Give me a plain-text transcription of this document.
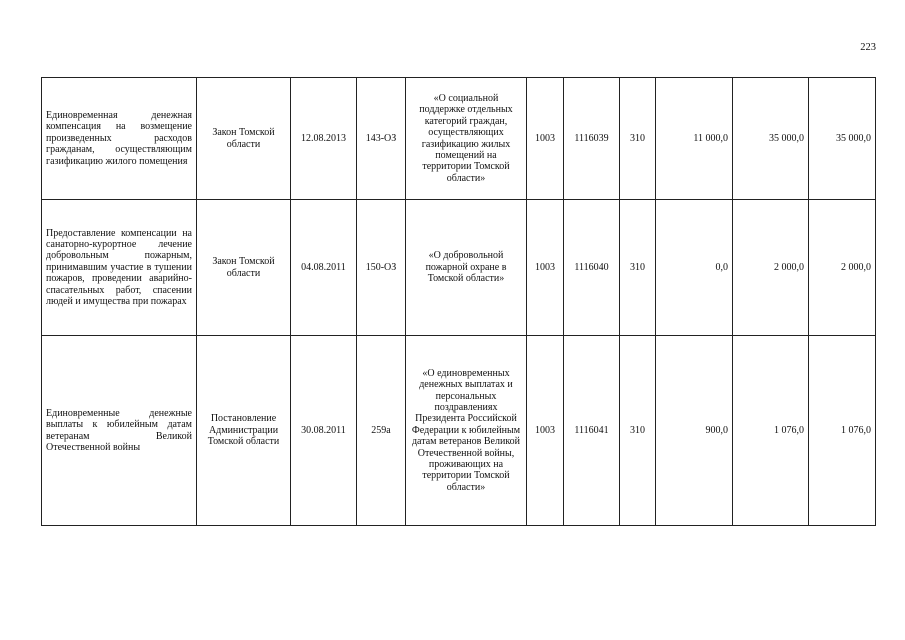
223
Единовременная денежная компенсация на возмещение произведенных расходов гражданам, осуществляющим газификацию жилого помещения	Закон Томской области	12.08.2013	143-ОЗ	«О социальной поддержке отдельных категорий граждан, осуществляющих газификацию жилых помещений на территории Томской области»	1003	1116039	310	11 000,0	35 000,0	35 000,0
Предоставление компенсации на санаторно-курортное лечение добровольным пожарным, принимавшим участие в тушении пожаров, проведении аварийно-спасательных работ, спасении людей и имущества при пожарах	Закон Томской области	04.08.2011	150-ОЗ	«О добровольной пожарной охране в Томской области»	1003	1116040	310	0,0	2 000,0	2 000,0
Единовременные денежные выплаты к юбилейным датам ветеранам Великой Отечественной войны	Постановление Администрации Томской области	30.08.2011	259а	«О единовременных денежных выплатах и персональных поздравлениях Президента Российской Федерации к юбилейным датам ветеранов Великой Отечественной войны, проживающих на территории Томской области»	1003	1116041	310	900,0	1 076,0	1 076,0
